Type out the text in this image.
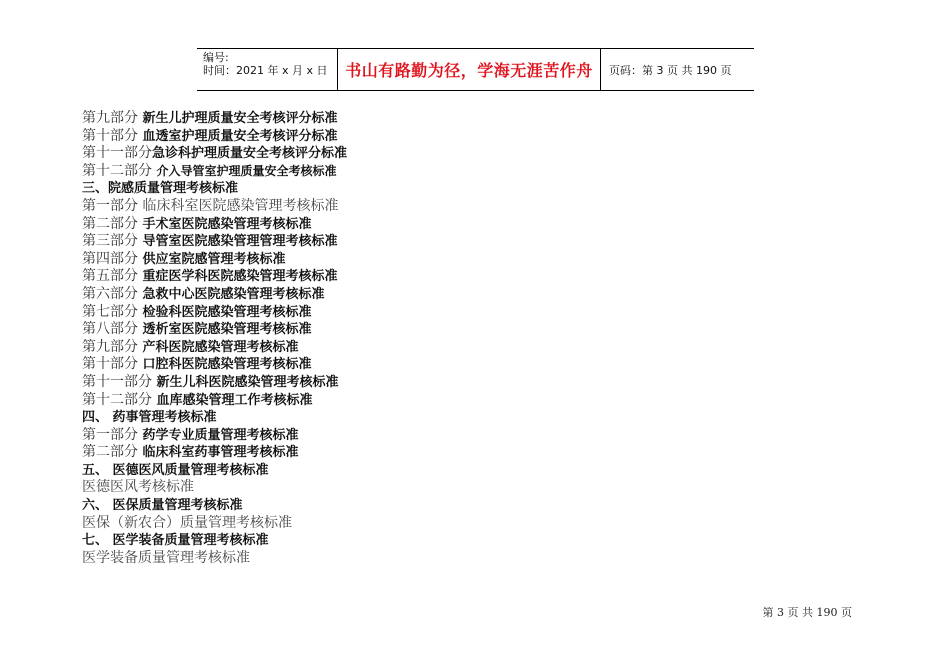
编号:
时间：2021 年 x 月 x 日	书山有路勤为径，学海无涯苦作舟	页码：第 3 页 共 190 页
第九部分 新生儿护理质量安全考核评分标准
第十部分 血透室护理质量安全考核评分标准
第十一部分急诊科护理质量安全考核评分标准
第十二部分 介入导管室护理质量安全考核标准
三、院感质量管理考核标准
第一部分 临床科室医院感染管理考核标准
第二部分 手术室医院感染管理考核标准
第三部分 导管室医院感染管理管理考核标准
第四部分 供应室院感管理考核标准
第五部分 重症医学科医院感染管理考核标准
第六部分 急救中心医院感染管理考核标准
第七部分 检验科医院感染管理考核标准
第八部分 透析室医院感染管理考核标准
第九部分 产科医院感染管理考核标准
第十部分 口腔科医院感染管理考核标准
第十一部分 新生儿科医院感染管理考核标准
第十二部分 血库感染管理工作考核标准
四、 药事管理考核标准
第一部分 药学专业质量管理考核标准
第二部分 临床科室药事管理考核标准
五、 医德医风质量管理考核标准
医德医风考核标准
六、 医保质量管理考核标准
医保（新农合）质量管理考核标准
七、 医学装备质量管理考核标准
医学装备质量管理考核标准
第 3 页 共 190 页
